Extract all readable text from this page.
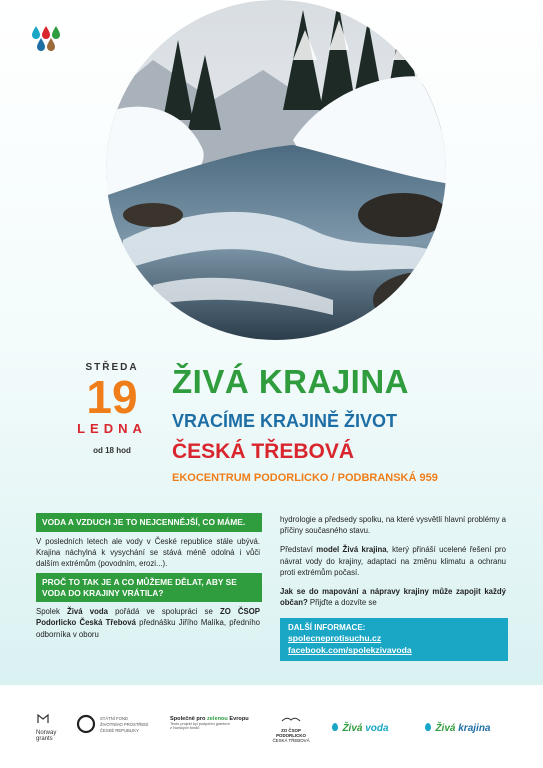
STŘEDA
19
LEDNA
od 18 hod
ŽIVÁ KRAJINA
VRACÍME KRAJINĚ ŽIVOT
ČESKÁ TŘEBOVÁ
EKOCENTRUM PODORLICKO / PODBRANSKÁ 959
VODA A VZDUCH JE TO NEJCENNĚJŠÍ, CO MÁME.

V posledních letech ale vody v České republice stále ubývá. Krajina náchylná k vysychání se stává méně odolná i vůči dalším extrémům (povodním, erozi...).

PROČ TO TAK JE A CO MŮŽEME DĚLAT, ABY SE VODA DO KRAJINY VRÁTILA?

Spolek Živá voda pořádá ve spolupráci se ZO ČSOP Podorlicko Česká Třebová přednášku Jiřího Malíka, předního odborníka v oboru

hydrologie a předsedy spolku, na které vysvětlí hlavní problémy a příčiny současného stavu.

Představí model Živá krajina, který přináší ucelené řešení pro návrat vody do krajiny, adaptaci na změnu klimatu a ochranu proti extrémům počasí.

Jak se do mapování a nápravy krajiny může zapojit každý občan? Přijďte a dozvíte se

DALŠÍ INFORMACE:
spolecneprotisuchu.cz
facebook.com/spolekzivavoda
Norway
grants
STÁTNÍ FOND
ŽIVOTNÍHO PROSTŘEDÍ
ČESKÉ REPUBLIKY
Společně pro zelenou Evropu
Tento projekt byl podpořen grantem
z Norských fondů	ZO ČSOP
PODORLICKO
ČESKÁ TŘEBOVÁ
Živá voda	Živá krajina
